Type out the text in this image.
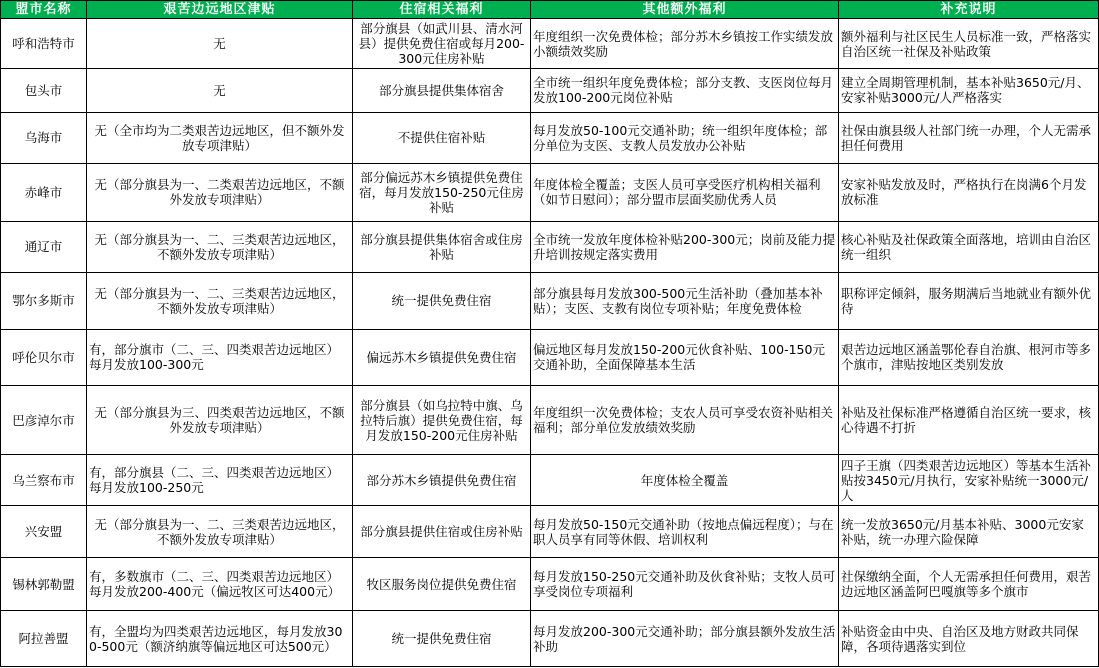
盟市名称	艰苦边远地区津贴	住宿相关福利	其他额外福利	补充说明
呼和浩特市	无	部分旗县（如武川县、清水河县）提供免费住宿或每月200-300元住房补贴	年度组织一次免费体检；部分苏木乡镇按工作实绩发放小额绩效奖励	额外福利与社区民生人员标准一致，严格落实自治区统一社保及补贴政策
包头市	无	部分旗县提供集体宿舍	全市统一组织年度免费体检；部分支教、支医岗位每月发放100-200元岗位补贴	建立全周期管理机制，基本补贴3650元/月、安家补贴3000元/人严格落实
乌海市	无（全市均为二类艰苦边远地区，但不额外发放专项津贴）	不提供住宿补贴	每月发放50-100元交通补助；统一组织年度体检；部分单位为支医、支教人员发放办公补贴	社保由旗县级人社部门统一办理，个人无需承担任何费用
赤峰市	无（部分旗县为一、二类艰苦边远地区，不额外发放专项津贴）	部分偏远苏木乡镇提供免费住宿，每月发放150-250元住房补贴	年度体检全覆盖；支医人员可享受医疗机构相关福利（如节日慰问）；部分盟市层面奖励优秀人员	安家补贴发放及时，严格执行在岗满6个月发放标准
通辽市	无（部分旗县为一、二、三类艰苦边远地区，不额外发放专项津贴）	部分旗县提供集体宿舍或住房补贴	全市统一发放年度体检补贴200-300元；岗前及能力提升培训按规定落实费用	核心补贴及社保政策全面落地，培训由自治区统一组织
鄂尔多斯市	无（部分旗县为一、二、三类艰苦边远地区，不额外发放专项津贴）	统一提供免费住宿	部分旗县每月发放300-500元生活补助（叠加基本补贴）；支医、支教有岗位专项补贴；年度免费体检	职称评定倾斜，服务期满后当地就业有额外优待
呼伦贝尔市	有，部分旗市（二、三、四类艰苦边远地区）每月发放100-300元	偏远苏木乡镇提供免费住宿	偏远地区每月发放150-200元伙食补贴、100-150元交通补助，全面保障基本生活	艰苦边远地区涵盖鄂伦春自治旗、根河市等多个旗市，津贴按地区类别发放
巴彦淖尔市	无（部分旗县为三、四类艰苦边远地区，不额外发放专项津贴）	部分旗县（如乌拉特中旗、乌拉特后旗）提供免费住宿，每月发放150-200元住房补贴	年度组织一次免费体检；支农人员可享受农资补贴相关福利；部分单位发放绩效奖励	补贴及社保标准严格遵循自治区统一要求，核心待遇不打折
乌兰察布市	有，部分旗县（二、三、四类艰苦边远地区）每月发放100-250元	部分苏木乡镇提供免费住宿	年度体检全覆盖	四子王旗（四类艰苦边远地区）等基本生活补贴按3450元/月执行，安家补贴统一3000元/人
兴安盟	无（部分旗县为一、二、三类艰苦边远地区，不额外发放专项津贴）	部分旗县提供住宿或住房补贴	每月发放50-150元交通补助（按地点偏远程度）；与在职人员享有同等休假、培训权利	统一发放3650元/月基本补贴、3000元安家补贴，统一办理六险保障
锡林郭勒盟	有，多数旗市（二、三、四类艰苦边远地区）每月发放200-400元（偏远牧区可达400元）	牧区服务岗位提供免费住宿	每月发放150-250元交通补助及伙食补贴；支牧人员可享受岗位专项福利	社保缴纳全面，个人无需承担任何费用，艰苦边远地区涵盖阿巴嘎旗等多个旗市
阿拉善盟	有，全盟均为四类艰苦边远地区，每月发放300-500元（额济纳旗等偏远地区可达500元）	统一提供免费住宿	每月发放200-300元交通补助；部分旗县额外发放生活补助	补贴资金由中央、自治区及地方财政共同保障，各项待遇落实到位
